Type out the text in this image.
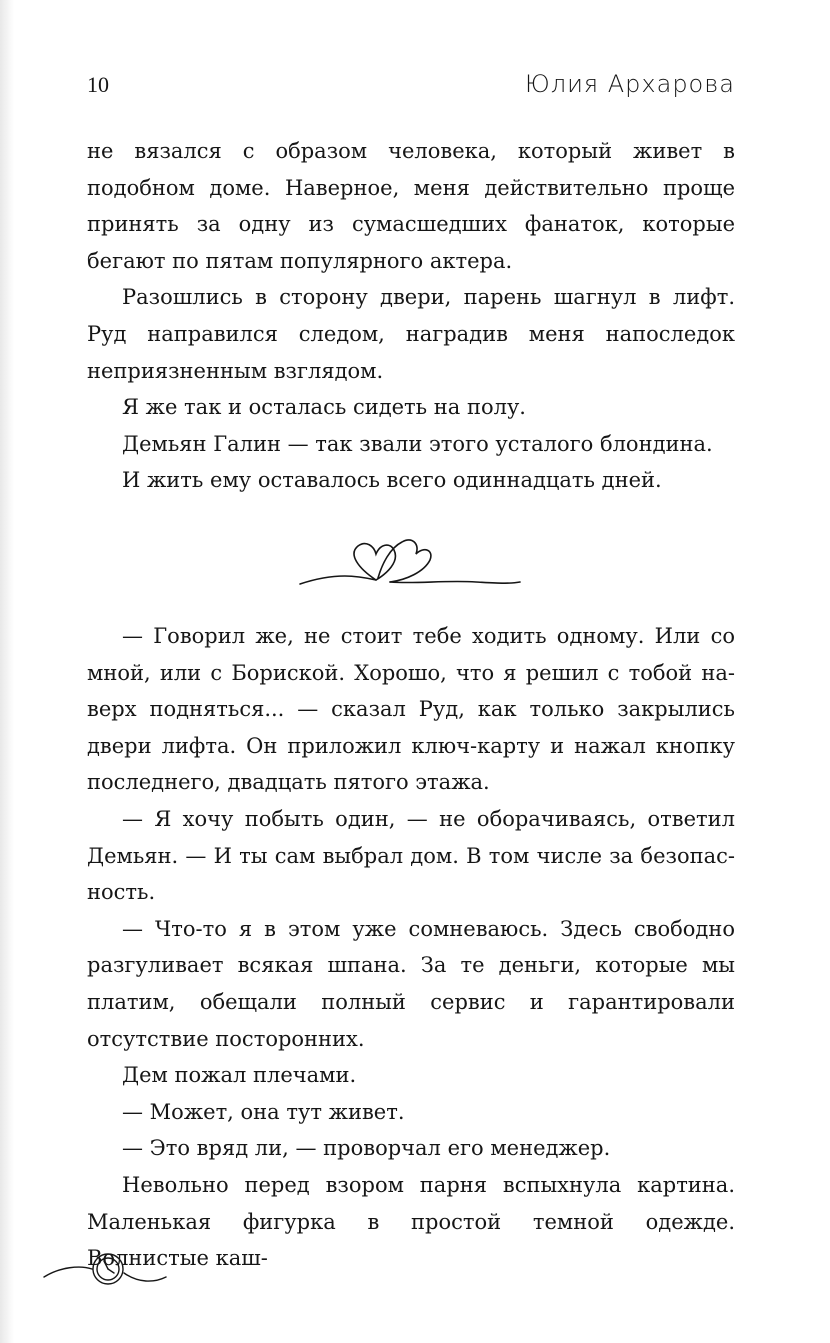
10	Юлия Архарова

не вязался с образом человека, который живет в подобном доме. Наверное, меня действительно проще принять за одну из сумасшедших фанаток, которые бегают по пятам популярного актера.

Разошлись в сторону двери, парень шагнул в лифт. Руд направился следом, наградив меня напоследок неприязненным взглядом.

Я же так и осталась сидеть на полу.

Демьян Галин — так звали этого усталого блондина.

И жить ему оставалось всего одиннадцать дней.

— Говорил же, не стоит тебе ходить одному. Или со мной, или с Бориской. Хорошо, что я решил с тобой наверх подняться... — сказал Руд, как только закрылись двери лифта. Он приложил ключ-карту и нажал кнопку последнего, двадцать пятого этажа.

— Я хочу побыть один, — не оборачиваясь, ответил Демьян. — И ты сам выбрал дом. В том числе за безопасность.

— Что-то я в этом уже сомневаюсь. Здесь свободно разгуливает всякая шпана. За те деньги, которые мы платим, обещали полный сервис и гарантировали отсутствие посторонних.

Дем пожал плечами.

— Может, она тут живет.

— Это вряд ли, — проворчал его менеджер.

Невольно перед взором парня вспыхнула картина. Маленькая фигурка в простой темной одежде. Волнистые каш-
